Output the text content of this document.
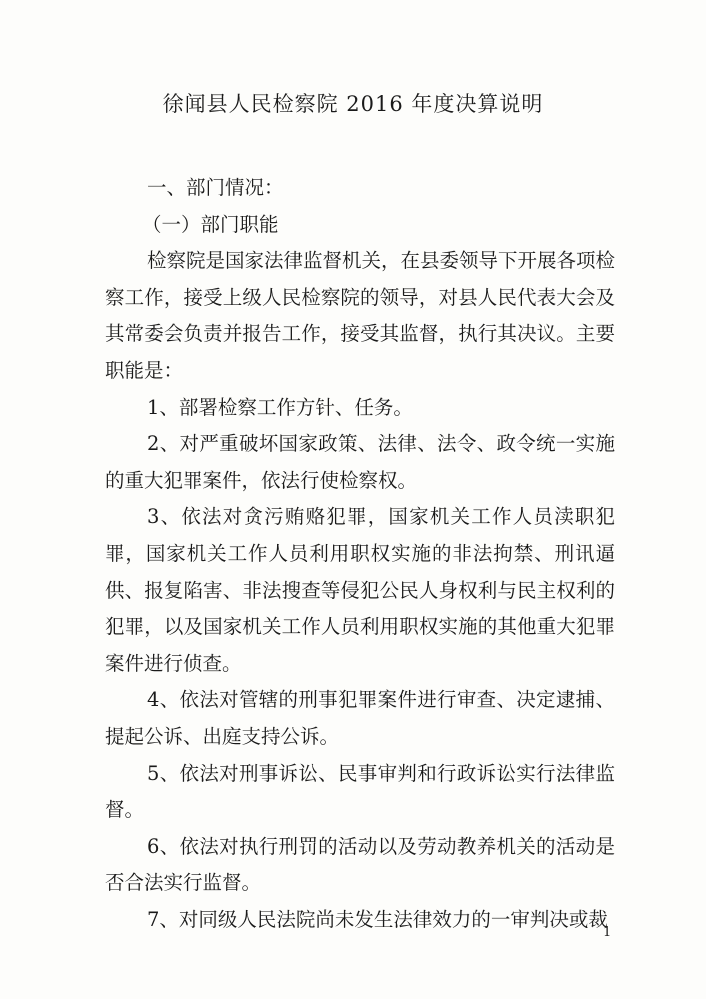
徐闻县人民检察院 2016 年度决算说明

一、部门情况：

（一）部门职能

检察院是国家法律监督机关，在县委领导下开展各项检察工作，接受上级人民检察院的领导，对县人民代表大会及其常委会负责并报告工作，接受其监督，执行其决议。主要职能是：

1、部署检察工作方针、任务。

2、对严重破坏国家政策、法律、法令、政令统一实施的重大犯罪案件，依法行使检察权。

3、依法对贪污贿赂犯罪，国家机关工作人员渎职犯罪，国家机关工作人员利用职权实施的非法拘禁、刑讯逼供、报复陷害、非法搜查等侵犯公民人身权利与民主权利的犯罪，以及国家机关工作人员利用职权实施的其他重大犯罪案件进行侦查。

4、依法对管辖的刑事犯罪案件进行审查、决定逮捕、提起公诉、出庭支持公诉。

5、依法对刑事诉讼、民事审判和行政诉讼实行法律监督。

6、依法对执行刑罚的活动以及劳动教养机关的活动是否合法实行监督。

7、对同级人民法院尚未发生法律效力的一审判决或裁

1
